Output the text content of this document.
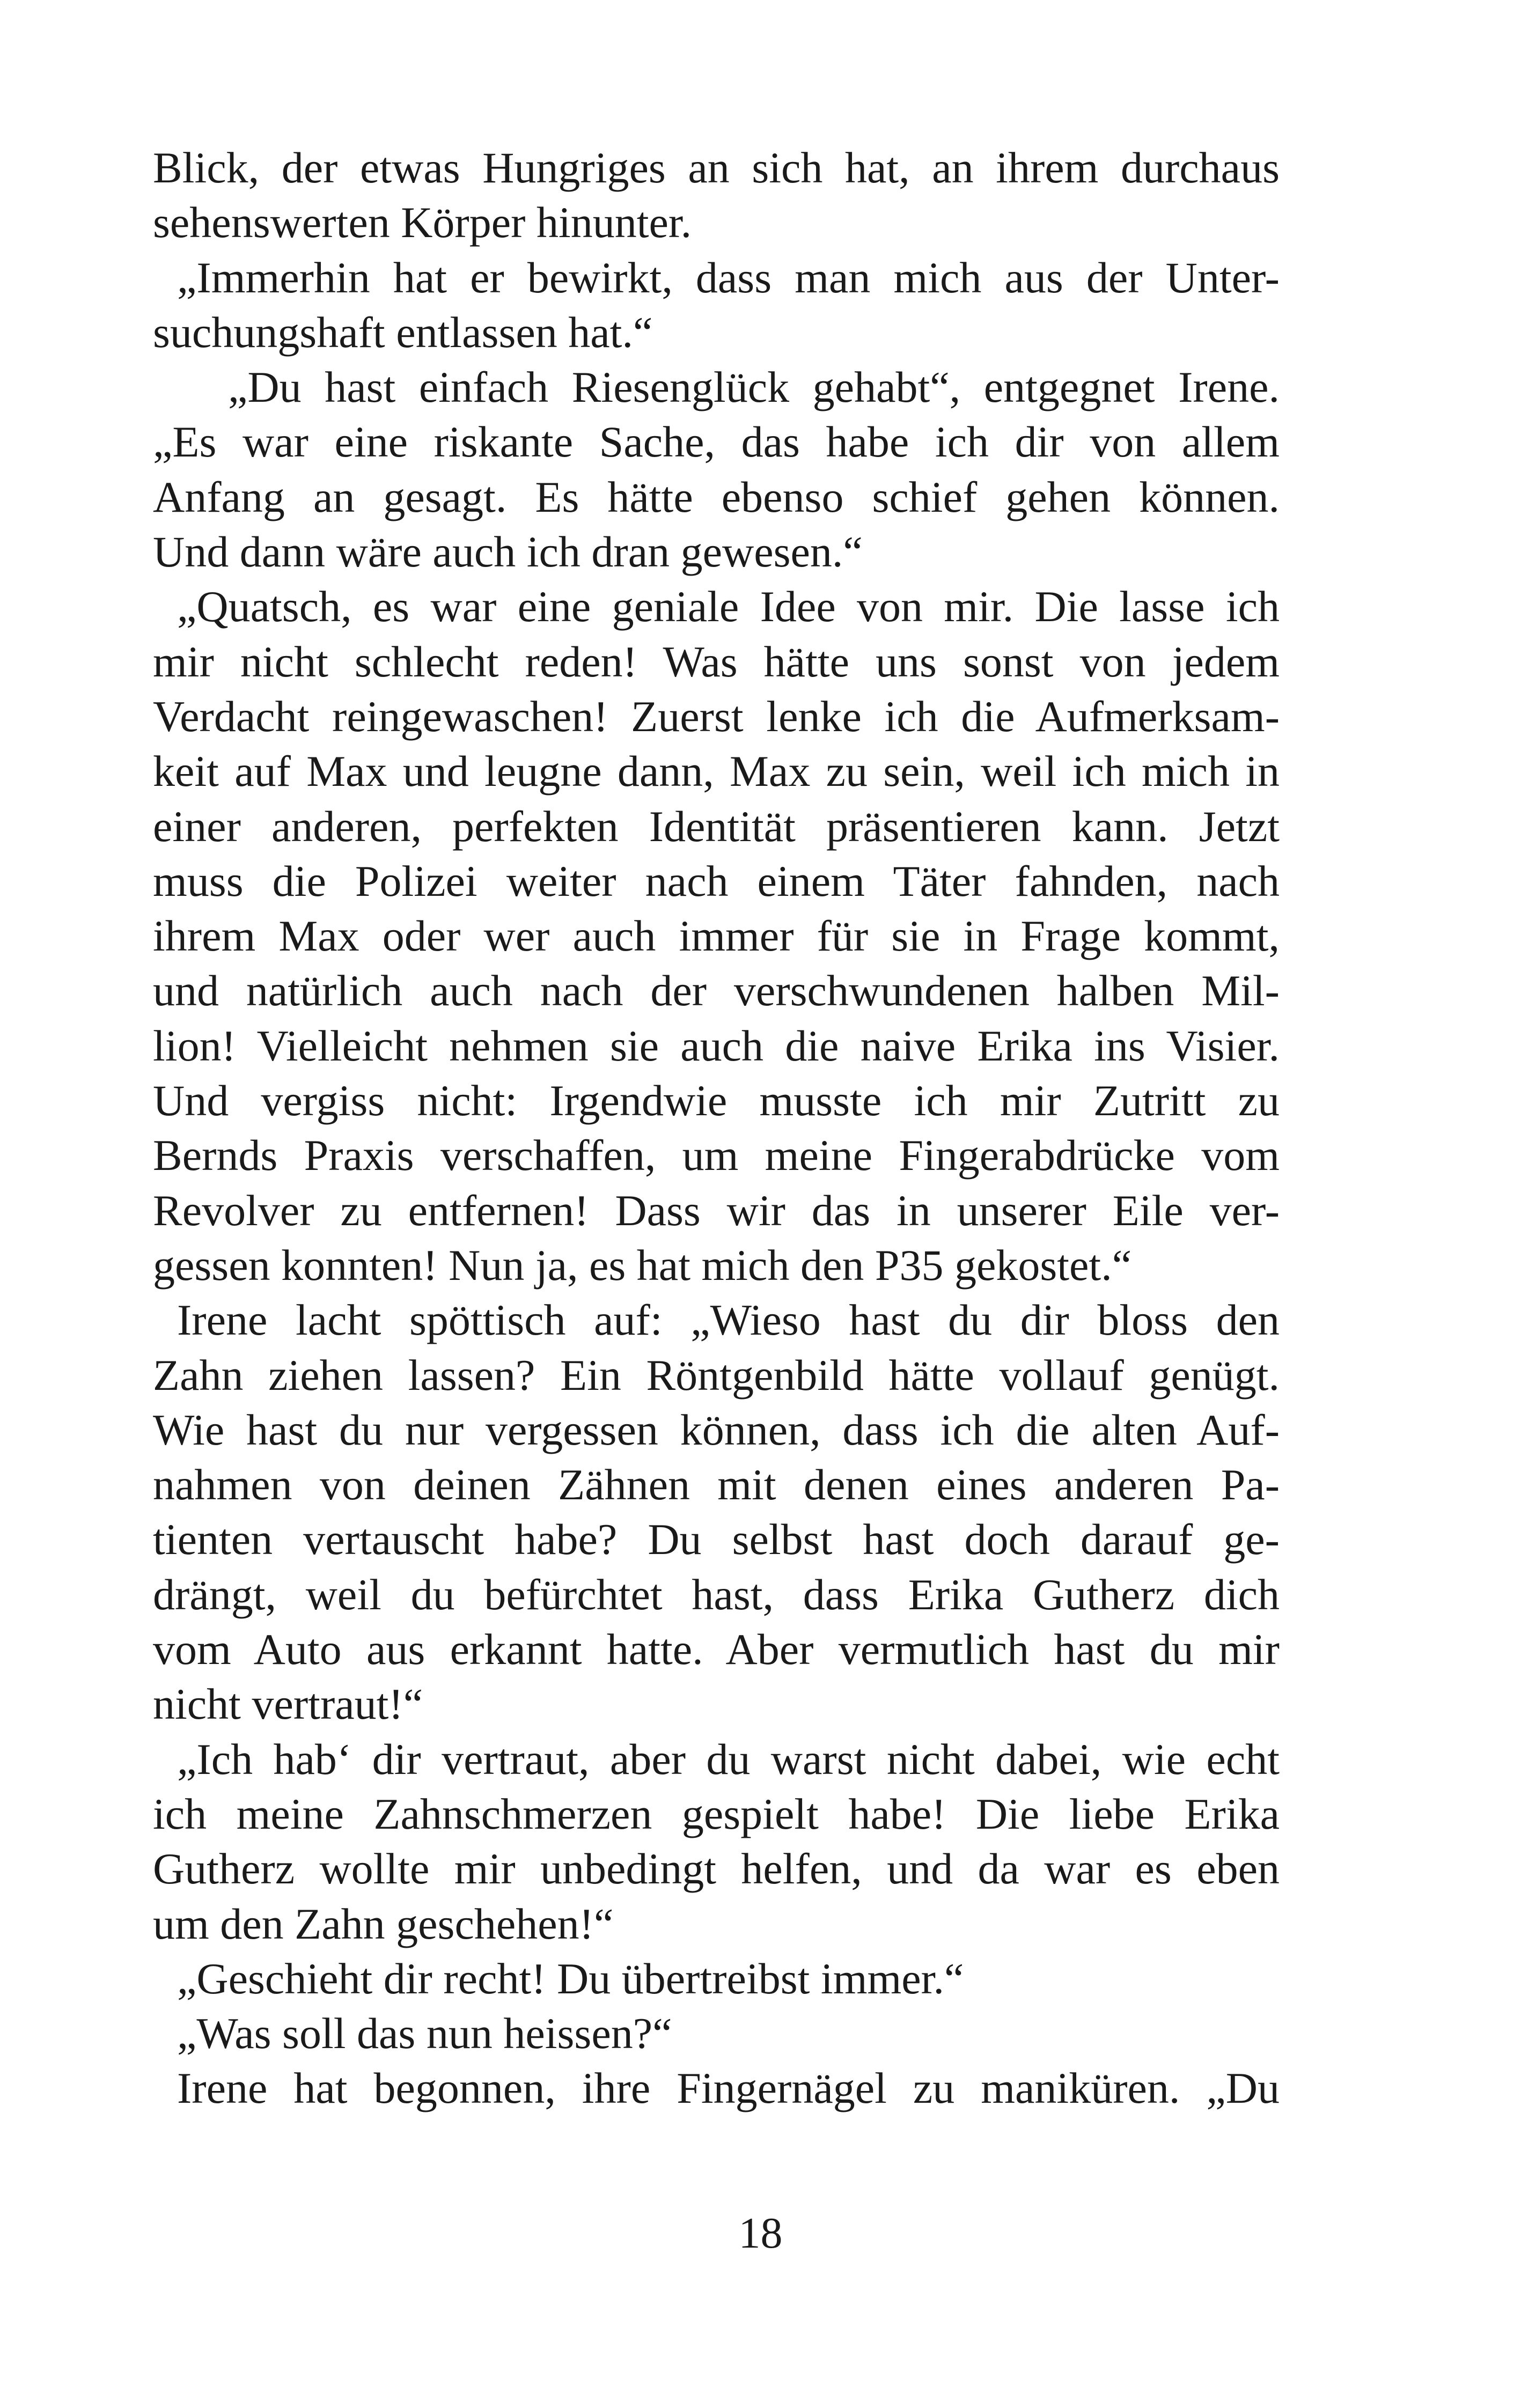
Blick, der etwas Hungriges an sich hat, an ihrem durchaus
sehenswerten Körper hinunter.
„Immerhin hat er bewirkt, dass man mich aus der Unter-
suchungshaft entlassen hat.“
„Du hast einfach Riesenglück gehabt“, entgegnet Irene.
„Es war eine riskante Sache, das habe ich dir von allem
Anfang an gesagt. Es hätte ebenso schief gehen können.
Und dann wäre auch ich dran gewesen.“
„Quatsch, es war eine geniale Idee von mir. Die lasse ich
mir nicht schlecht reden! Was hätte uns sonst von jedem
Verdacht reingewaschen! Zuerst lenke ich die Aufmerksam-
keit auf Max und leugne dann, Max zu sein, weil ich mich in
einer anderen, perfekten Identität präsentieren kann. Jetzt
muss die Polizei weiter nach einem Täter fahnden, nach
ihrem Max oder wer auch immer für sie in Frage kommt,
und natürlich auch nach der verschwundenen halben Mil-
lion! Vielleicht nehmen sie auch die naive Erika ins Visier.
Und vergiss nicht: Irgendwie musste ich mir Zutritt zu
Bernds Praxis verschaffen, um meine Fingerabdrücke vom
Revolver zu entfernen! Dass wir das in unserer Eile ver-
gessen konnten! Nun ja, es hat mich den P35 gekostet.“
Irene lacht spöttisch auf: „Wieso hast du dir bloss den
Zahn ziehen lassen? Ein Röntgenbild hätte vollauf genügt.
Wie hast du nur vergessen können, dass ich die alten Auf-
nahmen von deinen Zähnen mit denen eines anderen Pa-
tienten vertauscht habe? Du selbst hast doch darauf ge-
drängt, weil du befürchtet hast, dass Erika Gutherz dich
vom Auto aus erkannt hatte. Aber vermutlich hast du mir
nicht vertraut!“
„Ich hab‘ dir vertraut, aber du warst nicht dabei, wie echt
ich meine Zahnschmerzen gespielt habe! Die liebe Erika
Gutherz wollte mir unbedingt helfen, und da war es eben
um den Zahn geschehen!“
„Geschieht dir recht! Du übertreibst immer.“
„Was soll das nun heissen?“
Irene hat begonnen, ihre Fingernägel zu maniküren. „Du
18
